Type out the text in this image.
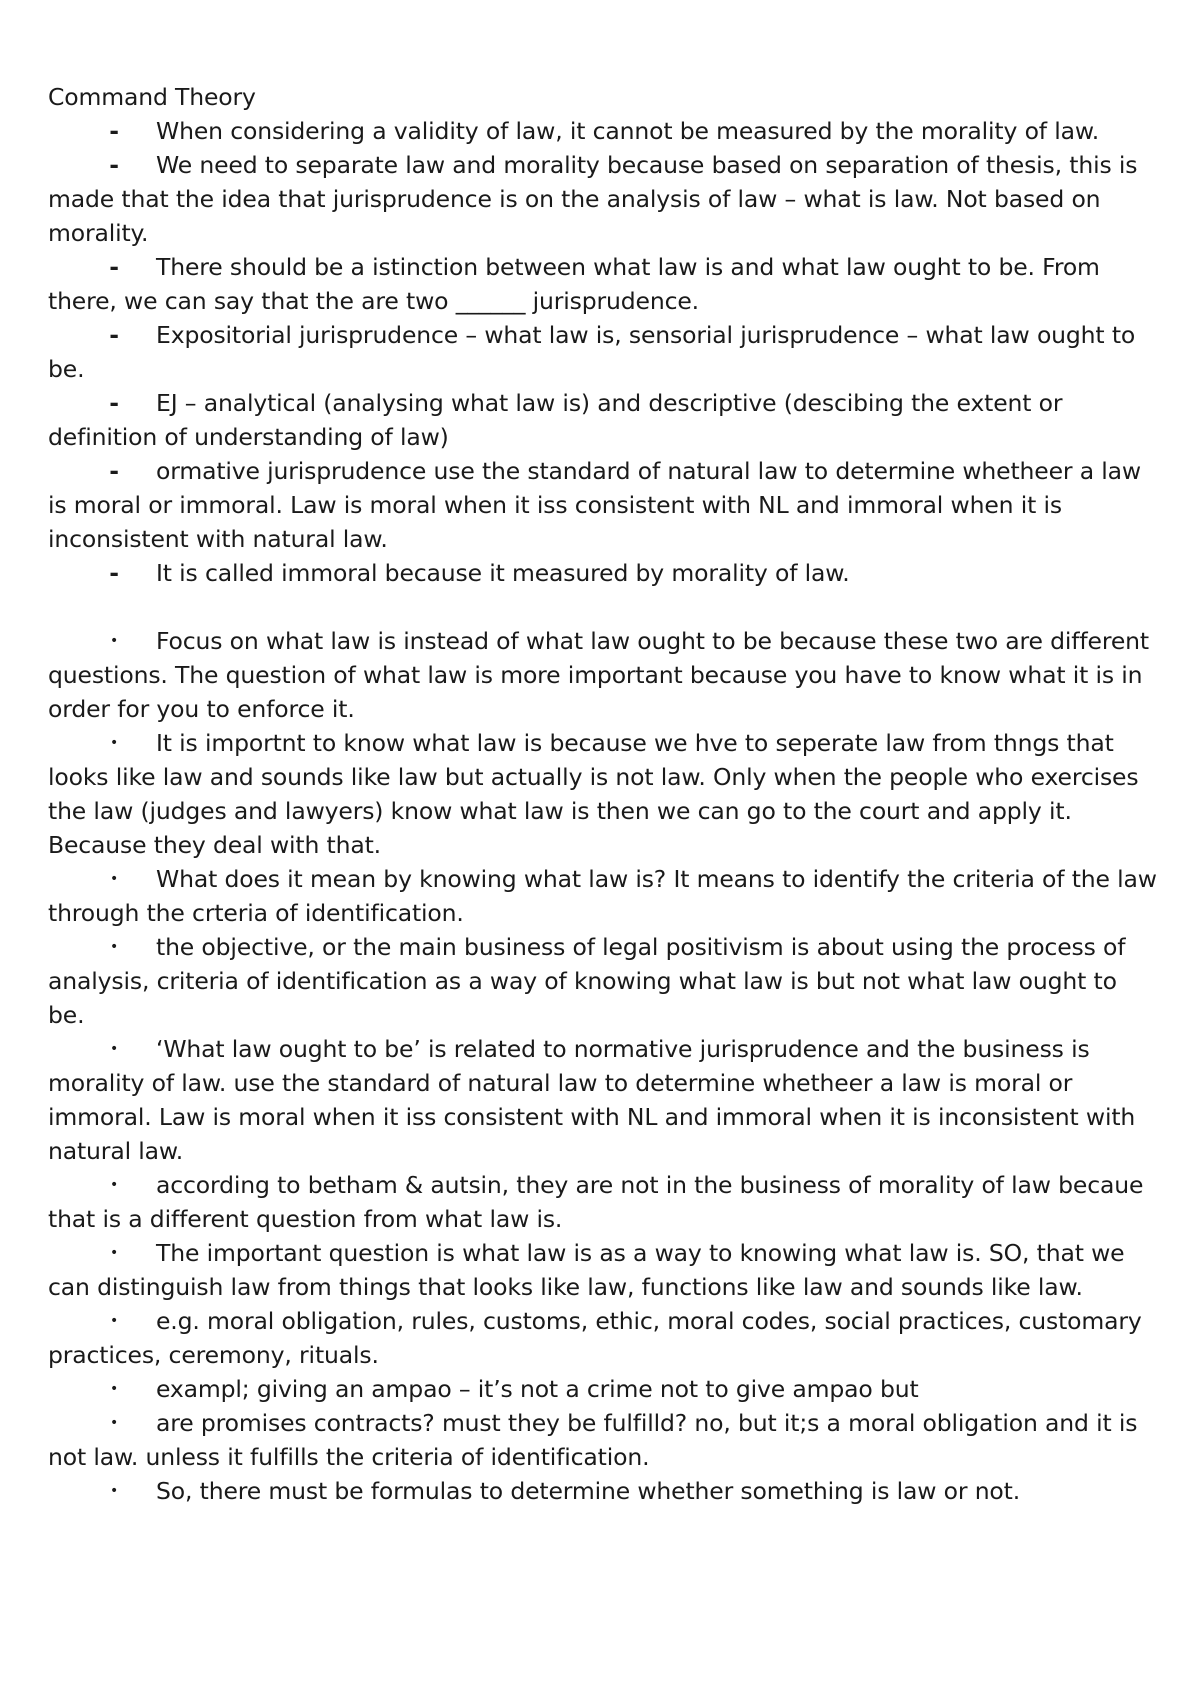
Command Theory
- When considering a validity of law, it cannot be measured by the morality of law.
- We need to separate law and morality because based on separation of thesis, this is made that the idea that jurisprudence is on the analysis of law – what is law. Not based on morality.
- There should be a istinction between what law is and what law ought to be. From there, we can say that the are two ______ jurisprudence.
- Expositorial jurisprudence – what law is, sensorial jurisprudence – what law ought to be.
- EJ – analytical (analysing what law is) and descriptive (descibing the extent or definition of understanding of law)
- ormative jurisprudence use the standard of natural law to determine whetheer a law is moral or immoral. Law is moral when it iss consistent with NL and immoral when it is inconsistent with natural law.
- It is called immoral because it measured by morality of law.
• Focus on what law is instead of what law ought to be because these two are different questions. The question of what law is more important because you have to know what it is in order for you to enforce it.
• It is importnt to know what law is because we hve to seperate law from thngs that looks like law and sounds like law but actually is not law. Only when the people who exercises the law (judges and lawyers) know what law is then we can go to the court and apply it. Because they deal with that.
• What does it mean by knowing what law is? It means to identify the criteria of the law through the crteria of identification.
• the objective, or the main business of legal positivism is about using the process of analysis, criteria of identification as a way of knowing what law is but not what law ought to be.
• ‘What law ought to be’ is related to normative jurisprudence and the business is morality of law. use the standard of natural law to determine whetheer a law is moral or immoral. Law is moral when it iss consistent with NL and immoral when it is inconsistent with natural law.
• according to betham & autsin, they are not in the business of morality of law becaue that is a different question from what law is.
• The important question is what law is as a way to knowing what law is. SO, that we can distinguish law from things that looks like law, functions like law and sounds like law.
• e.g. moral obligation, rules, customs, ethic, moral codes, social practices, customary practices, ceremony, rituals.
• exampl; giving an ampao – it’s not a crime not to give ampao but
• are promises contracts? must they be fulfilld? no, but it;s a moral obligation and it is not law. unless it fulfills the criteria of identification.
• So, there must be formulas to determine whether something is law or not.
